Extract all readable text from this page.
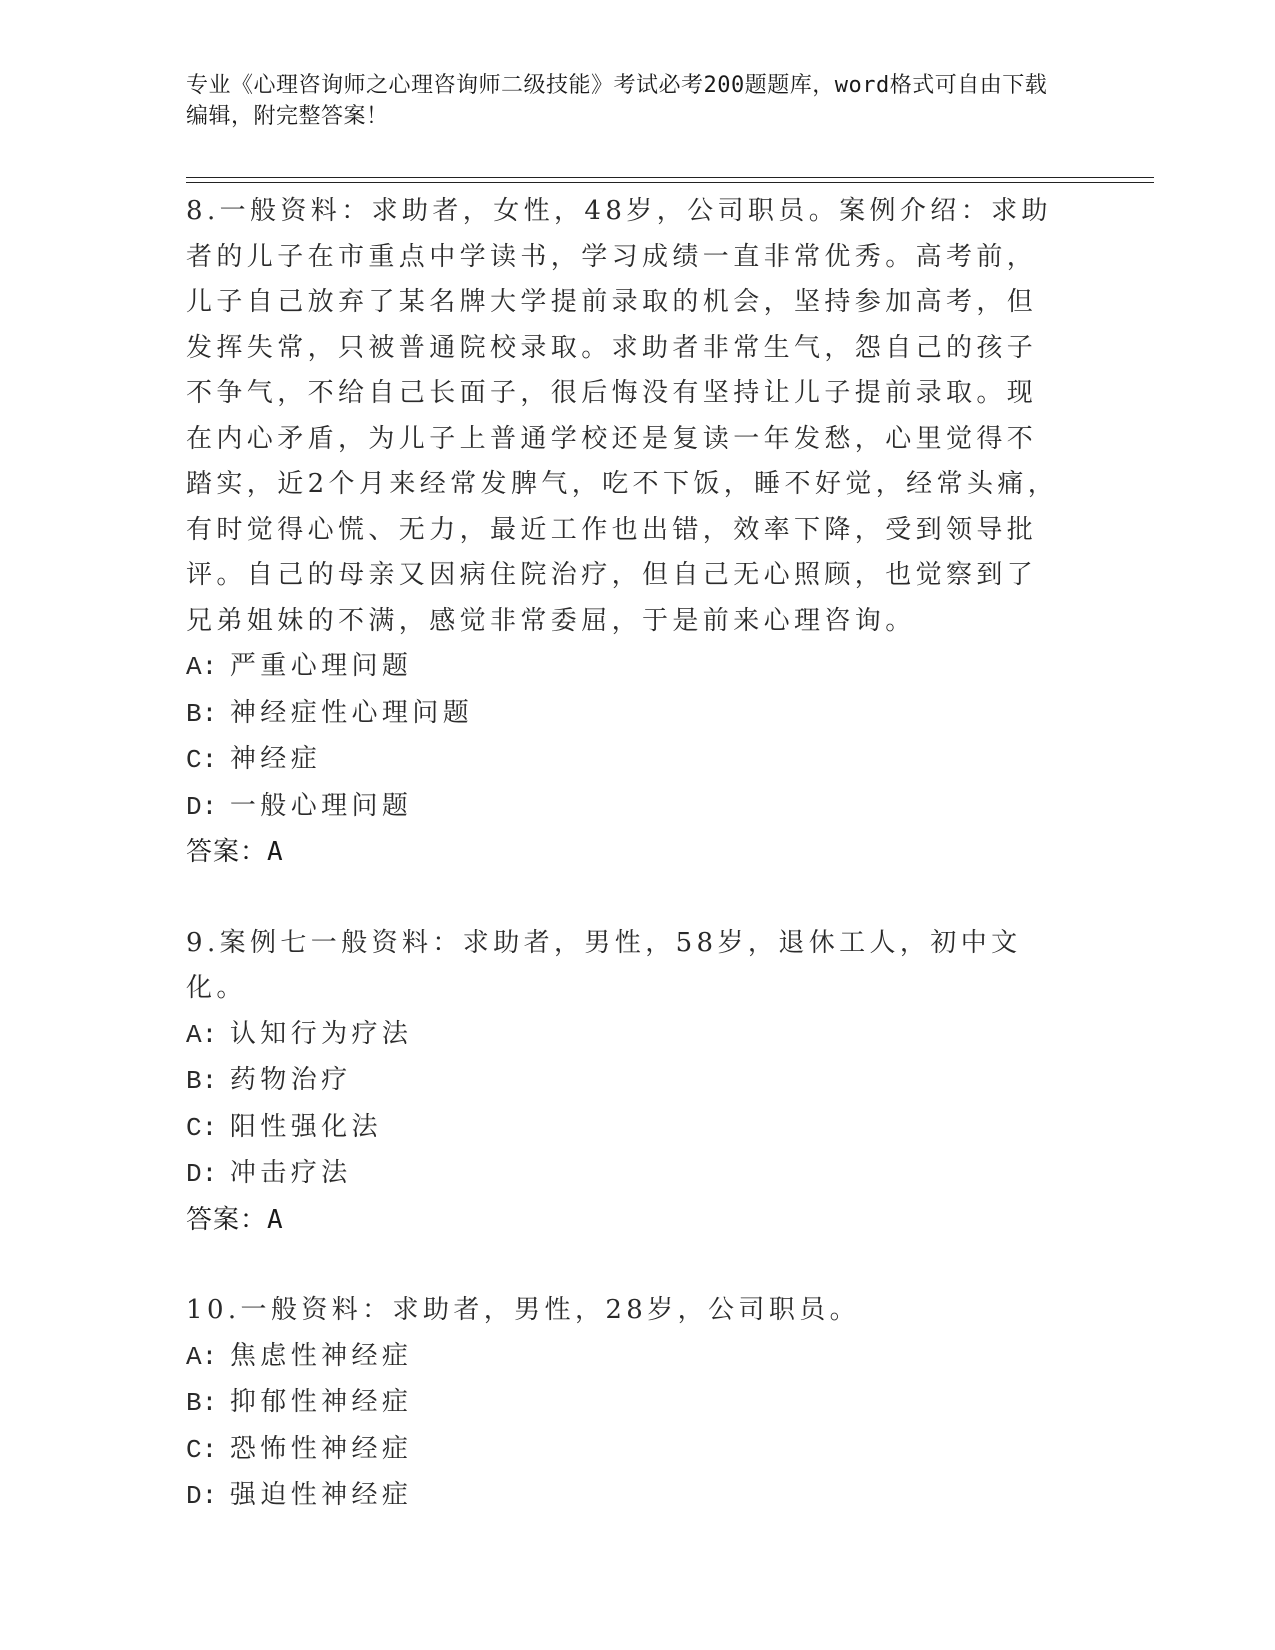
专业《心理咨询师之心理咨询师二级技能》考试必考200题题库，word格式可自由下载编辑，附完整答案！

8.一般资料：求助者，女性，48岁，公司职员。案例介绍：求助者的儿子在市重点中学读书，学习成绩一直非常优秀。高考前，儿子自己放弃了某名牌大学提前录取的机会，坚持参加高考，但发挥失常，只被普通院校录取。求助者非常生气，怨自己的孩子不争气，不给自己长面子，很后悔没有坚持让儿子提前录取。现在内心矛盾，为儿子上普通学校还是复读一年发愁，心里觉得不踏实，近2个月来经常发脾气，吃不下饭，睡不好觉，经常头痛，有时觉得心慌、无力，最近工作也出错，效率下降，受到领导批评。自己的母亲又因病住院治疗，但自己无心照顾，也觉察到了兄弟姐妹的不满，感觉非常委屈，于是前来心理咨询。

A: 严重心理问题

B: 神经症性心理问题

C: 神经症

D: 一般心理问题

答案：A

9.案例七一般资料：求助者，男性，58岁，退休工人，初中文化。

A: 认知行为疗法

B: 药物治疗

C: 阳性强化法

D: 冲击疗法

答案：A

10.一般资料：求助者，男性，28岁，公司职员。

A: 焦虑性神经症

B: 抑郁性神经症

C: 恐怖性神经症

D: 强迫性神经症
